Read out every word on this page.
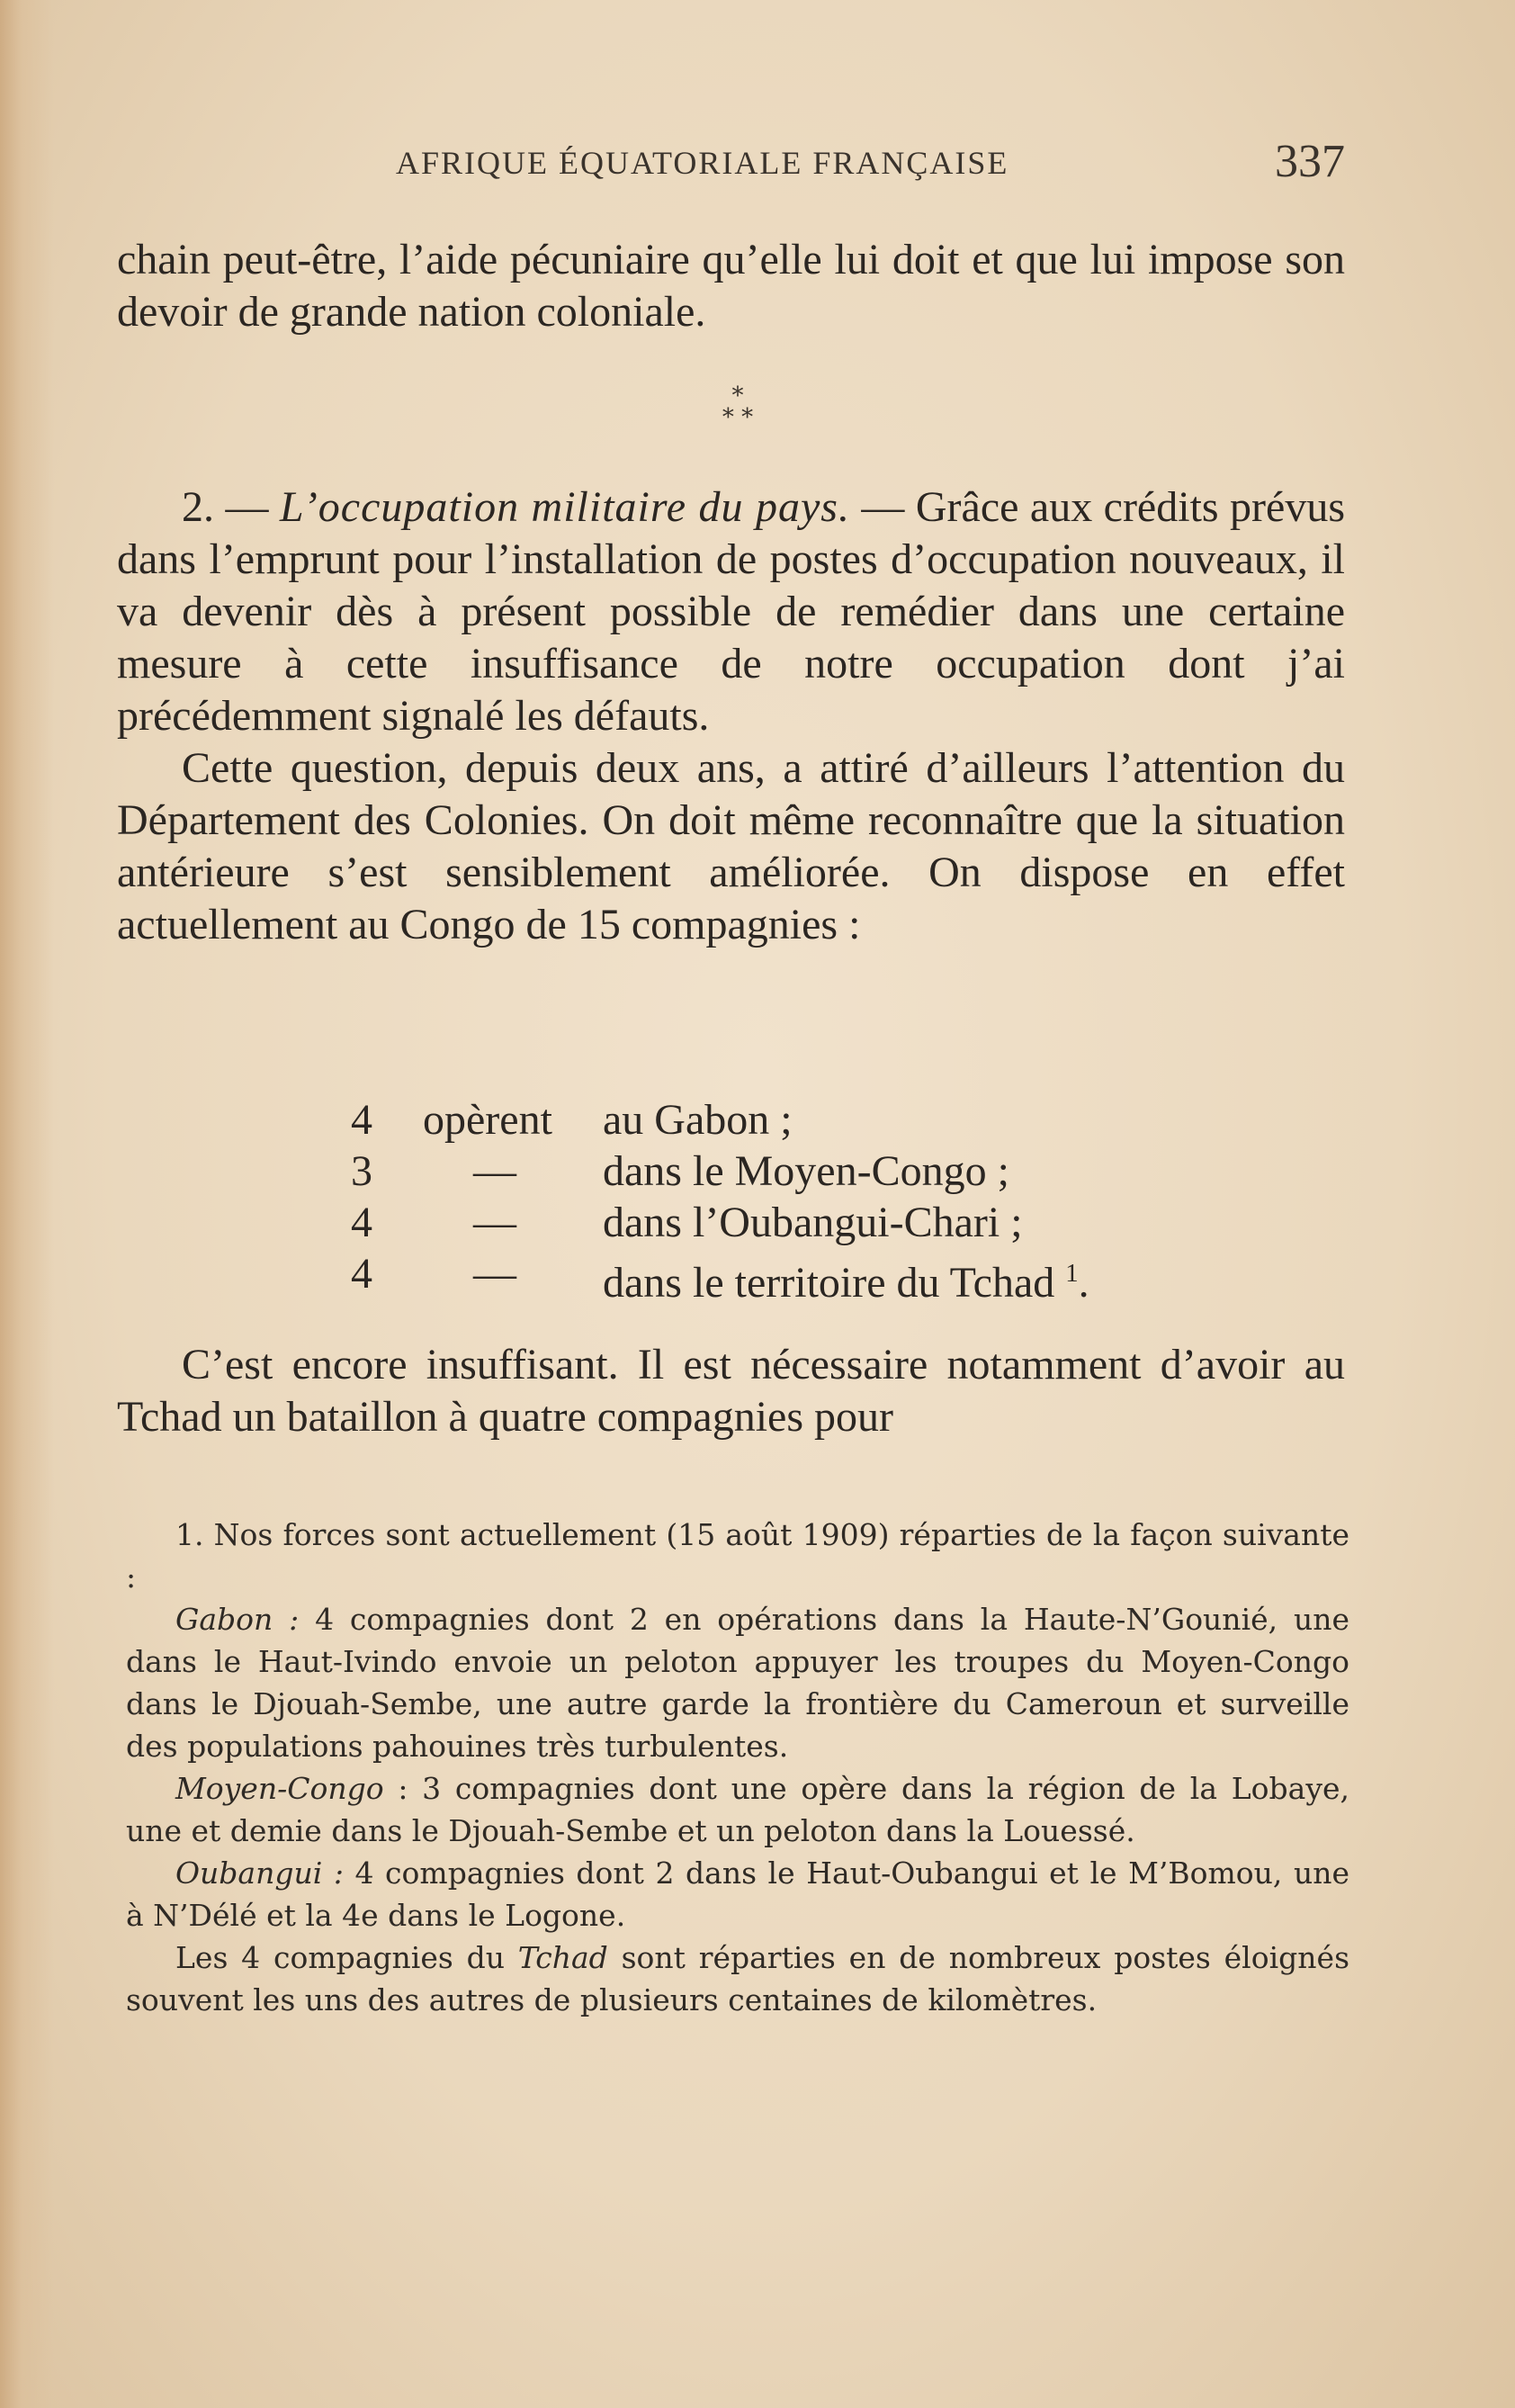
AFRIQUE ÉQUATORIALE FRANÇAISE	337

chain peut-être, l’aide pécuniaire qu’elle lui doit et que lui impose son devoir de grande nation coloniale.

*
* *

2. — L’occupation militaire du pays. — Grâce aux crédits prévus dans l’emprunt pour l’installation de postes d’occupation nouveaux, il va devenir dès à présent possible de remédier dans une certaine mesure à cette insuffisance de notre occupation dont j’ai précédemment signalé les défauts.

Cette question, depuis deux ans, a attiré d’ailleurs l’attention du Département des Colonies. On doit même reconnaître que la situation antérieure s’est sensiblement améliorée. On dispose en effet actuellement au Congo de 15 compagnies :

4	opèrent	au Gabon ;
3	—	dans le Moyen-Congo ;
4	—	dans l’Oubangui-Chari ;
4	—	dans le territoire du Tchad $^1$.

C’est encore insuffisant. Il est nécessaire notamment d’avoir au Tchad un bataillon à quatre compagnies pour

1. Nos forces sont actuellement (15 août 1909) réparties de la façon suivante :

Gabon : 4 compagnies dont 2 en opérations dans la Haute-N’Gounié, une dans le Haut-Ivindo envoie un peloton appuyer les troupes du Moyen-Congo dans le Djouah-Sembe, une autre garde la frontière du Cameroun et surveille des populations pahouines très turbulentes.

Moyen-Congo : 3 compagnies dont une opère dans la région de la Lobaye, une et demie dans le Djouah-Sembe et un peloton dans la Louessé.

Oubangui : 4 compagnies dont 2 dans le Haut-Oubangui et le M’Bomou, une à N’Délé et la 4e dans le Logone.

Les 4 compagnies du Tchad sont réparties en de nombreux postes éloignés souvent les uns des autres de plusieurs centaines de kilomètres.
